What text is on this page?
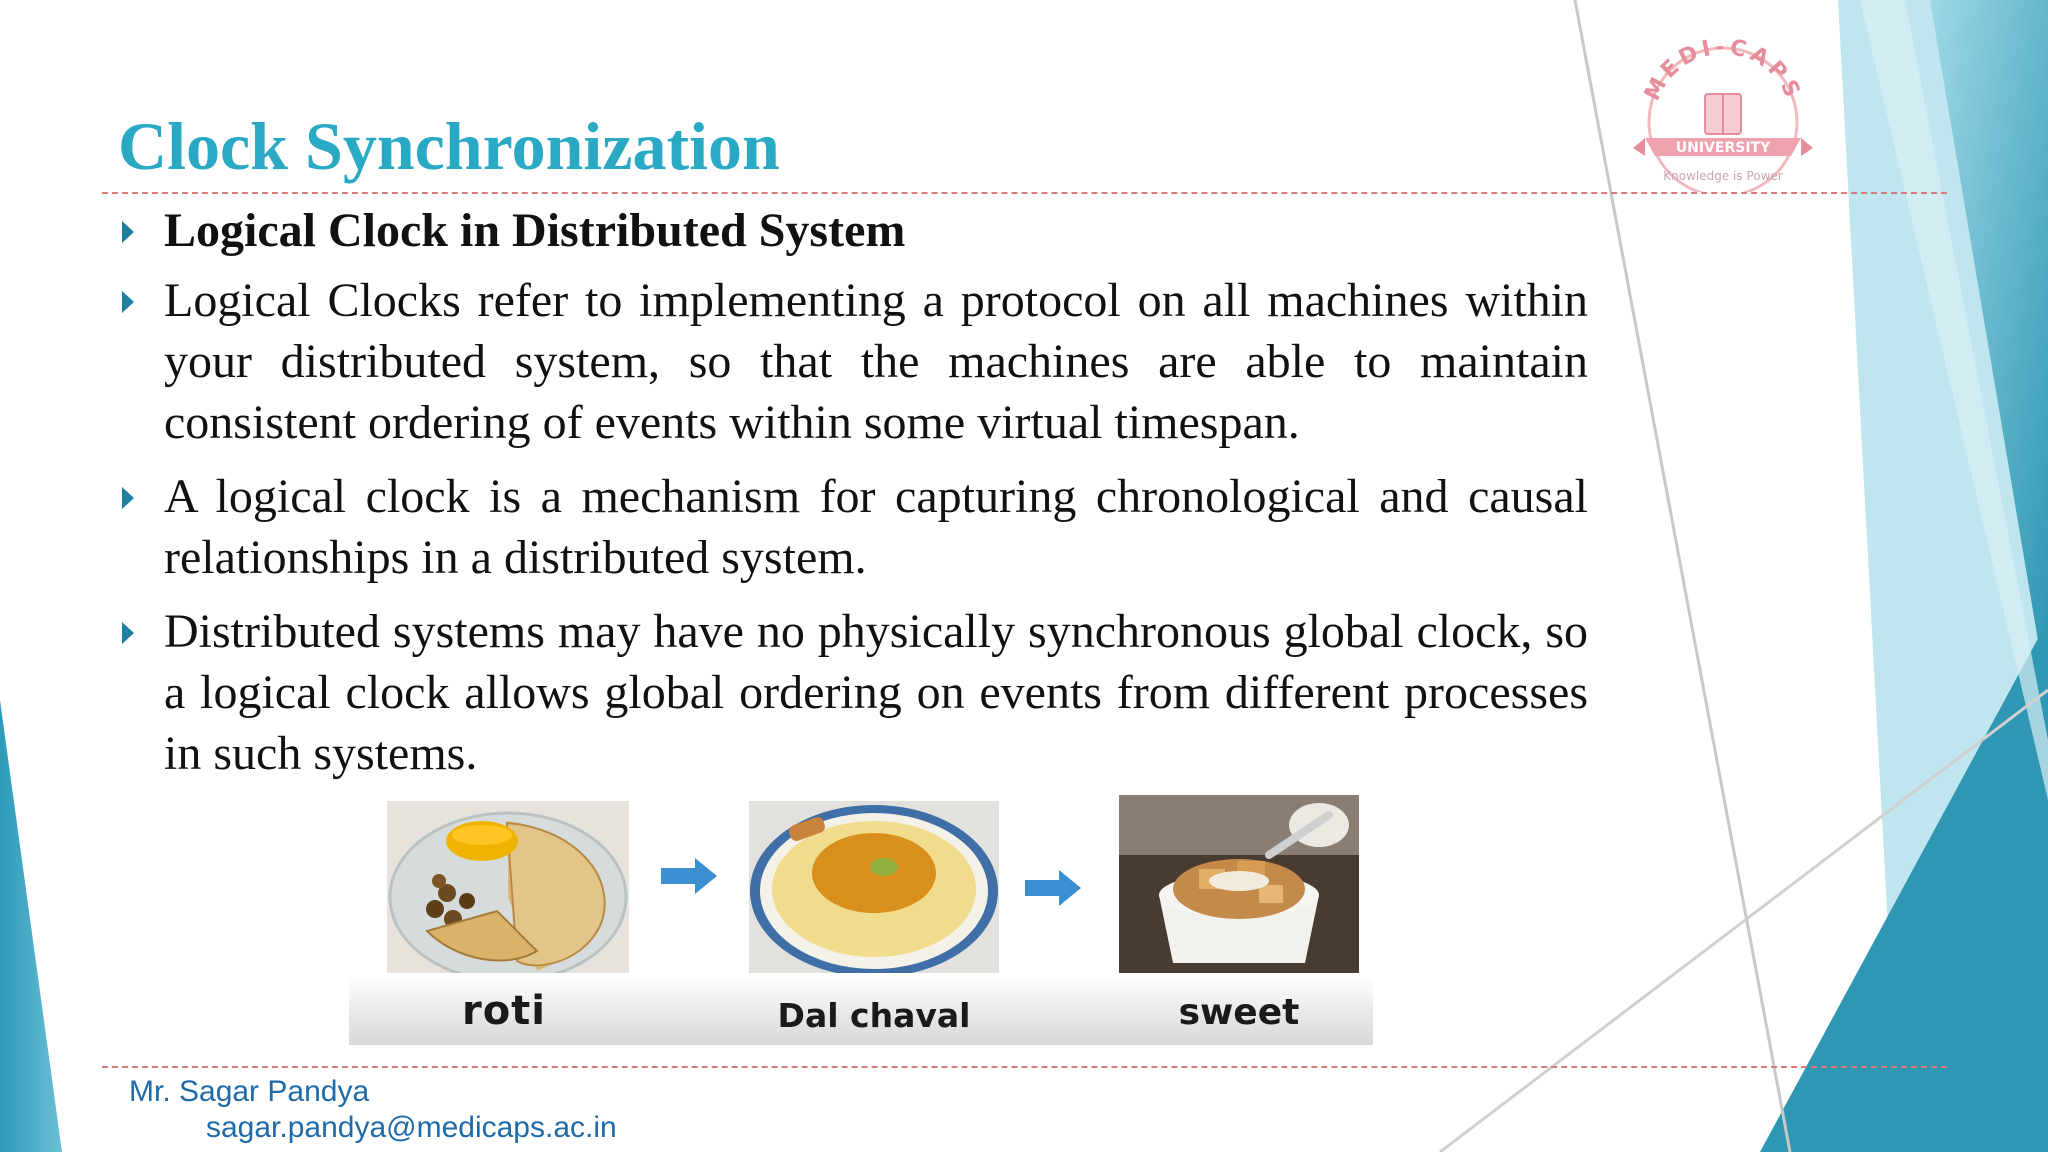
Clock Synchronization
Logical Clock in Distributed System
Logical Clocks refer to implementing a protocol on all machines within your distributed system, so that the machines are able to maintain consistent ordering of events within some virtual timespan.
A logical clock is a mechanism for capturing chronological and causal relationships in a distributed system.
Distributed systems may have no physically synchronous global clock, so a logical clock allows global ordering on events from different processes in such systems.
roti	Dal chaval	sweet
MEDI-CAPS
UNIVERSITY
Knowledge is Power

Mr. Sagar Pandya

sagar.pandya@medicaps.ac.in
